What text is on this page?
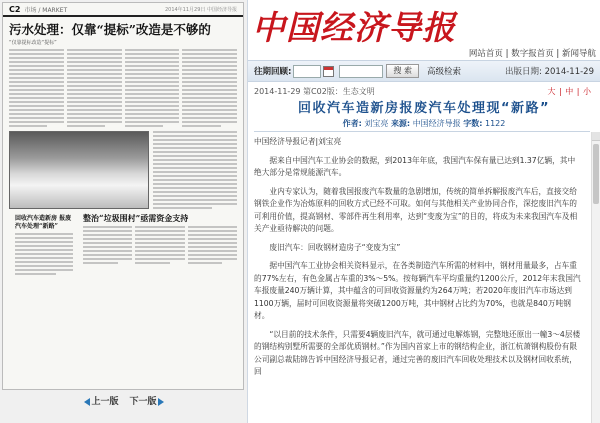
C2 市场 / MARKET	2014年11月29日 中国经济导报
污水处理：仅靠“提标”改造是不够的
“仅靠提标改造“提标”
回收汽车造新房 报废汽车处理“新路”
整治“垃圾围村”亟需资金支持
上一版 下一版
中国经济导报
网站首页 | 数字报首页 | 新闻导航
往期回顾:	搜 索	高级检索	出版日期: 2014-11-29
2014-11-29 第C02版：生态文明	大 | 中 | 小
回收汽车造新房报废汽车处理现“新路”
作者: 刘宝亮 来源: 中国经济导报 字数: 1122

中国经济导报记者|刘宝亮

据来自中国汽车工业协会的数据，到2013年年底，我国汽车保有量已达到1.37亿辆，其中绝大部分是常规能源汽车。

业内专家认为，随着我国报废汽车数量的急剧增加，传统的简单拆解报废汽车后，直接交给钢铁企业作为冶炼原料的回收方式已经不可取。如何与其他相关产业协同合作，深挖废旧汽车的可利用价值，提高钢材、零部件再生利用率，达到“变废为宝”的目的，将成为未来我国汽车及相关产业亟待解决的问题。

废旧汽车：回收钢材造房子“变废为宝”

据中国汽车工业协会相关资料显示，在各类制造汽车所需的材料中，钢材用量最多，占车重的77%左右，有色金属占车重的3%～5%。按每辆汽车平均重量约1200公斤，2012年末我国汽车报废量240万辆计算，其中蕴含的可回收资源量约为264万吨；若2020年废旧汽车市场达到1100万辆，届时可回收资源量将突破1200万吨，其中钢材占比约为70%，也就是840万吨钢材。

“以目前的技术条件，只需要4辆废旧汽车，就可通过电解炼钢，完整地还原出一幢3～4层楼的钢结构别墅所需要的全部优质钢材。”作为国内首家上市的钢结构企业，浙江杭萧钢构股份有限公司副总裁陆锦告诉中国经济导报记者，通过完善的废旧汽车回收处理技术以及钢材回收系统，回
